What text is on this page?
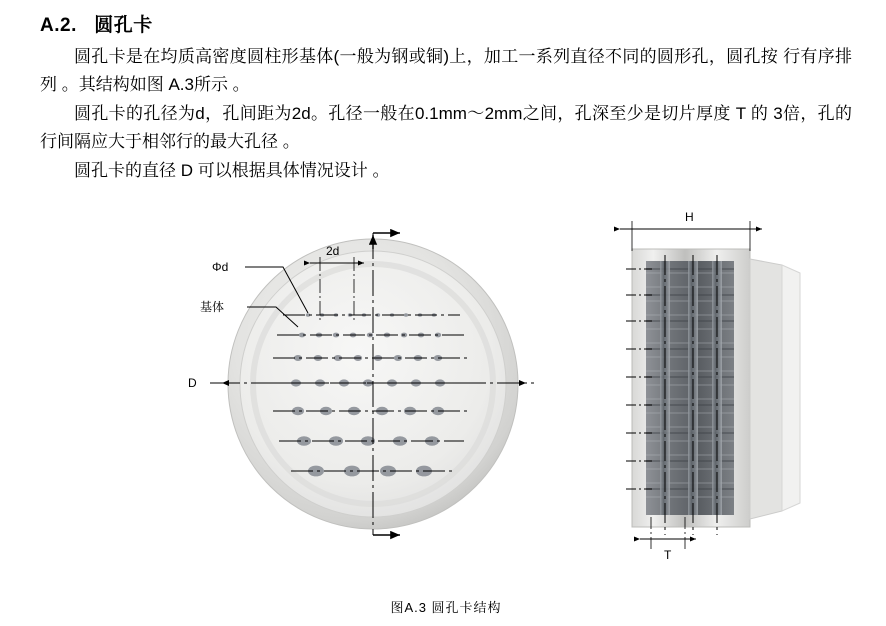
A.2. 圆孔卡

圆孔卡是在均质高密度圆柱形基体(一般为钢或铜)上，加工一系列直径不同的圆形孔，圆孔按 行有序排列 。其结构如图 A.3所示 。

圆孔卡的孔径为d，孔间距为2d。孔径一般在0.1mm～2mm之间，孔深至少是切片厚度 T 的 3倍，孔的行间隔应大于相邻行的最大孔径 。

圆孔卡的直径 D 可以根据具体情况设计 。

D
2d
Φd
基体
H
T
图A.3 圆孔卡结构
